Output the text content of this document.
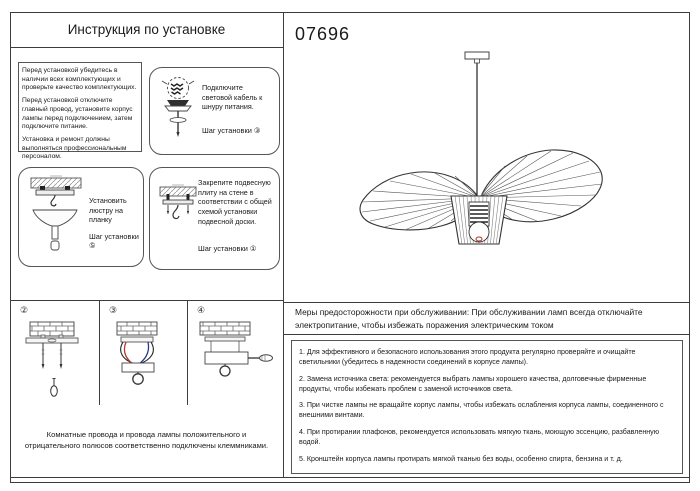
Инструкция по установке	07696

Перед установкой убедитесь в наличии всех комплектующих и проверьте качество комплектующих.

Перед установкой отключите главный провод, установите корпус лампы перед подключением, затем подключите питание.

Установка и ремонт должны выполняться профессиональным персоналом.

Подключите световой кабель к шнуру питания.
Шаг установки ③
Установить люстру на планку
Шаг установки ⑤
Закрепите подвесную плиту на стене в соответствии с общей схемой установки подвесной доски.
Шаг установки ①
②	③	④
Комнатные провода и провода лампы положительного и отрицательного полюсов соответственно подключены клеммниками.
Меры предосторожности при обслуживании: При обслуживании ламп всегда отключайте электропитание, чтобы избежать поражения электрическим током
1. Для эффективного и безопасного использования этого продукта регулярно проверяйте и очищайте светильники (убедитесь в надежности соединений в корпусе лампы).
2. Замена источника света: рекомендуется выбрать лампы хорошего качества, долговечные фирменные продукты, чтобы избежать проблем с заменой источников света.
3. При чистке лампы не вращайте корпус лампы, чтобы избежать ослабления корпуса лампы, соединенного с внешними винтами.
4. При протирании плафонов, рекомендуется использовать мягкую ткань, моющую эссенцию, разбавленную водой.
5. Кронштейн корпуса лампы протирать мягкой тканью без воды, особенно спирта, бензина и т. д.
